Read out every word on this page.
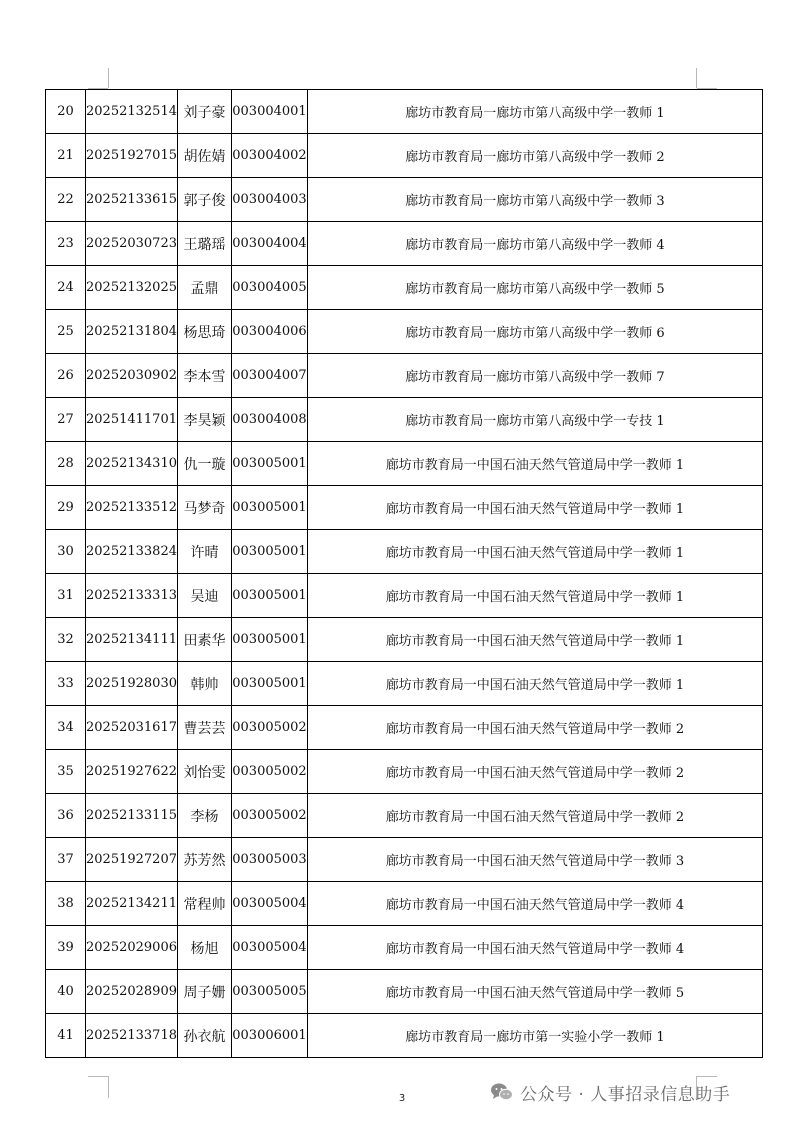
20	20252132514	刘子豪	003004001	廊坊市教育局一廊坊市第八高级中学一教师 1
21	20251927015	胡佐婧	003004002	廊坊市教育局一廊坊市第八高级中学一教师 2
22	20252133615	郭子俊	003004003	廊坊市教育局一廊坊市第八高级中学一教师 3
23	20252030723	王璐瑶	003004004	廊坊市教育局一廊坊市第八高级中学一教师 4
24	20252132025	孟鼎	003004005	廊坊市教育局一廊坊市第八高级中学一教师 5
25	20252131804	杨思琦	003004006	廊坊市教育局一廊坊市第八高级中学一教师 6
26	20252030902	李本雪	003004007	廊坊市教育局一廊坊市第八高级中学一教师 7
27	20251411701	李昊颖	003004008	廊坊市教育局一廊坊市第八高级中学一专技 1
28	20252134310	仇一璇	003005001	廊坊市教育局一中国石油天然气管道局中学一教师 1
29	20252133512	马梦奇	003005001	廊坊市教育局一中国石油天然气管道局中学一教师 1
30	20252133824	许晴	003005001	廊坊市教育局一中国石油天然气管道局中学一教师 1
31	20252133313	吴迪	003005001	廊坊市教育局一中国石油天然气管道局中学一教师 1
32	20252134111	田素华	003005001	廊坊市教育局一中国石油天然气管道局中学一教师 1
33	20251928030	韩帅	003005001	廊坊市教育局一中国石油天然气管道局中学一教师 1
34	20252031617	曹芸芸	003005002	廊坊市教育局一中国石油天然气管道局中学一教师 2
35	20251927622	刘怡雯	003005002	廊坊市教育局一中国石油天然气管道局中学一教师 2
36	20252133115	李杨	003005002	廊坊市教育局一中国石油天然气管道局中学一教师 2
37	20251927207	苏芳然	003005003	廊坊市教育局一中国石油天然气管道局中学一教师 3
38	20252134211	常程帅	003005004	廊坊市教育局一中国石油天然气管道局中学一教师 4
39	20252029006	杨旭	003005004	廊坊市教育局一中国石油天然气管道局中学一教师 4
40	20252028909	周子姗	003005005	廊坊市教育局一中国石油天然气管道局中学一教师 5
41	20252133718	孙衣航	003006001	廊坊市教育局一廊坊市第一实验小学一教师 1
3	公众号 · 人事招录信息助手
